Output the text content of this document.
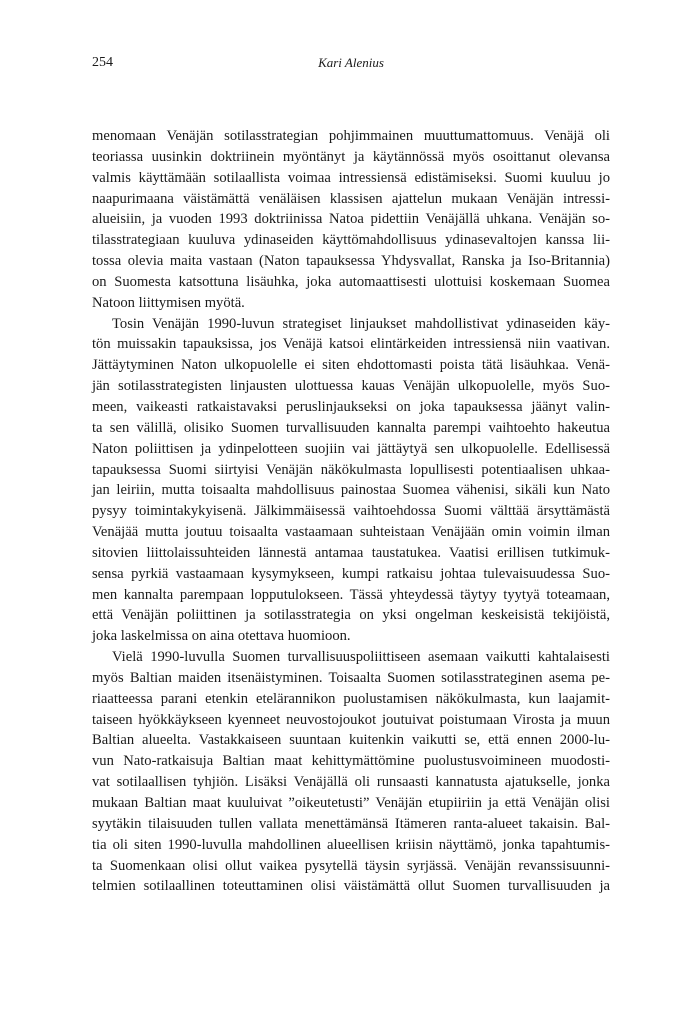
254	Kari Alenius

menomaan Venäjän sotilasstrategian pohjimmainen muuttumattomuus. Venäjä oli
teoriassa uusinkin doktriinein myöntänyt ja käytännössä myös osoittanut olevansa
valmis käyttämään sotilaallista voimaa intressiensä edistämiseksi. Suomi kuuluu jo
naapurimaana väistämättä venäläisen klassisen ajattelun mukaan Venäjän intressi-
alueisiin, ja vuoden 1993 doktriinissa Natoa pidettiin Venäjällä uhkana. Venäjän so-
tilasstrategiaan kuuluva ydinaseiden käyttömahdollisuus ydinasevaltojen kanssa lii-
tossa olevia maita vastaan (Naton tapauksessa Yhdysvallat, Ranska ja Iso-Britannia)
on Suomesta katsottuna lisäuhka, joka automaattisesti ulottuisi koskemaan Suomea
Natoon liittymisen myötä.

Tosin Venäjän 1990-luvun strategiset linjaukset mahdollistivat ydinaseiden käy-
tön muissakin tapauksissa, jos Venäjä katsoi elintärkeiden intressiensä niin vaativan.
Jättäytyminen Naton ulkopuolelle ei siten ehdottomasti poista tätä lisäuhkaa. Venä-
jän sotilasstrategisten linjausten ulottuessa kauas Venäjän ulkopuolelle, myös Suo-
meen, vaikeasti ratkaistavaksi peruslinjaukseksi on joka tapauksessa jäänyt valin-
ta sen välillä, olisiko Suomen turvallisuuden kannalta parempi vaihtoehto hakeutua
Naton poliittisen ja ydinpelotteen suojiin vai jättäytyä sen ulkopuolelle. Edellisessä
tapauksessa Suomi siirtyisi Venäjän näkökulmasta lopullisesti potentiaalisen uhkaa-
jan leiriin, mutta toisaalta mahdollisuus painostaa Suomea vähenisi, sikäli kun Nato
pysyy toimintakykyisenä. Jälkimmäisessä vaihtoehdossa Suomi välttää ärsyttämästä
Venäjää mutta joutuu toisaalta vastaamaan suhteistaan Venäjään omin voimin ilman
sitovien liittolaissuhteiden lännestä antamaa taustatukea. Vaatisi erillisen tutkimuk-
sensa pyrkiä vastaamaan kysymykseen, kumpi ratkaisu johtaa tulevaisuudessa Suo-
men kannalta parempaan lopputulokseen. Tässä yhteydessä täytyy tyytyä toteamaan,
että Venäjän poliittinen ja sotilasstrategia on yksi ongelman keskeisistä tekijöistä,
joka laskelmissa on aina otettava huomioon.

Vielä 1990-luvulla Suomen turvallisuuspoliittiseen asemaan vaikutti kahtalaisesti
myös Baltian maiden itsenäistyminen. Toisaalta Suomen sotilasstrateginen asema pe-
riaatteessa parani etenkin etelärannikon puolustamisen näkökulmasta, kun laajamit-
taiseen hyökkäykseen kyenneet neuvostojoukot joutuivat poistumaan Virosta ja muun
Baltian alueelta. Vastakkaiseen suuntaan kuitenkin vaikutti se, että ennen 2000-lu-
vun Nato-ratkaisuja Baltian maat kehittymättömine puolustusvoimineen muodosti-
vat sotilaallisen tyhjiön. Lisäksi Venäjällä oli runsaasti kannatusta ajatukselle, jonka
mukaan Baltian maat kuuluivat ”oikeutetusti” Venäjän etupiiriin ja että Venäjän olisi
syytäkin tilaisuuden tullen vallata menettämänsä Itämeren ranta-alueet takaisin. Bal-
tia oli siten 1990-luvulla mahdollinen alueellisen kriisin näyttämö, jonka tapahtumis-
ta Suomenkaan olisi ollut vaikea pysytellä täysin syrjässä. Venäjän revanssisuunni-
telmien sotilaallinen toteuttaminen olisi väistämättä ollut Suomen turvallisuuden ja
